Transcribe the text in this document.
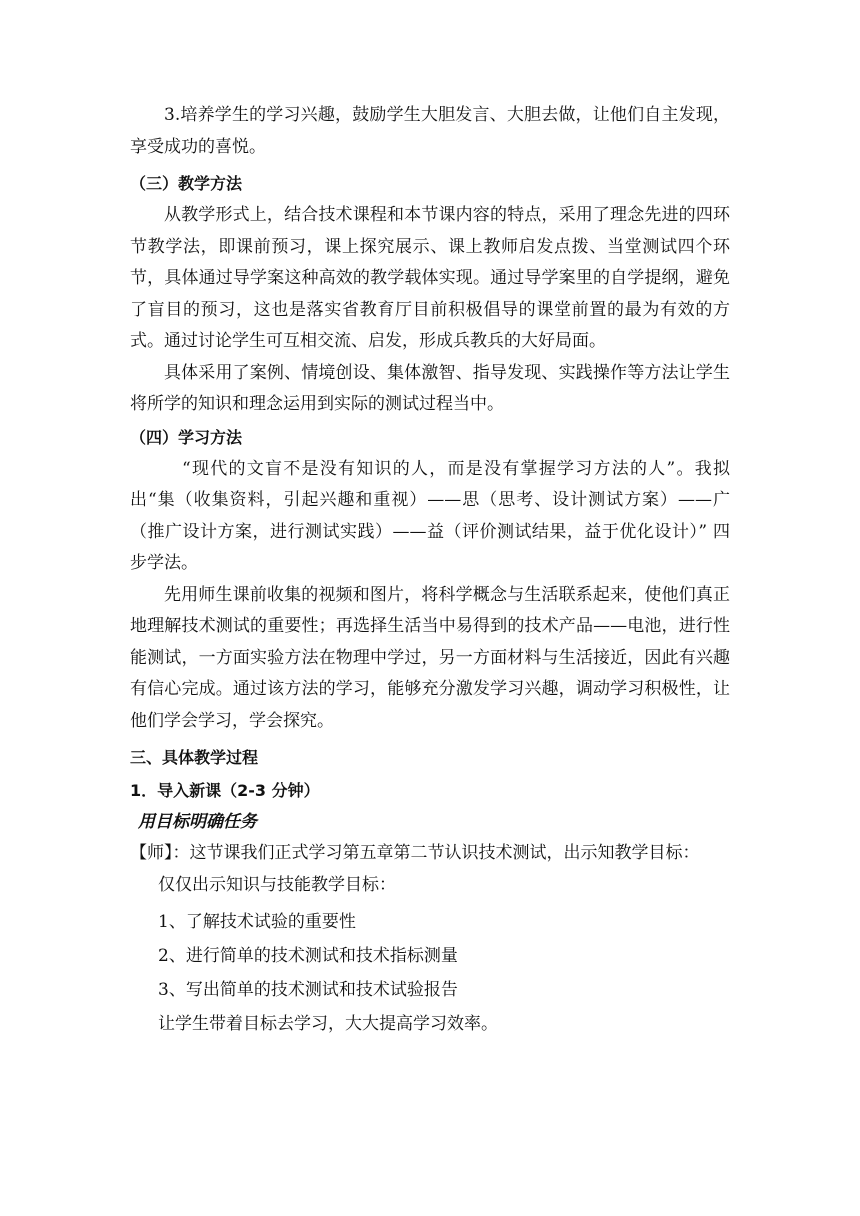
3.培养学生的学习兴趣，鼓励学生大胆发言、大胆去做，让他们自主发现，享受成功的喜悦。

（三）教学方法

从教学形式上，结合技术课程和本节课内容的特点，采用了理念先进的四环节教学法，即课前预习，课上探究展示、课上教师启发点拨、当堂测试四个环节，具体通过导学案这种高效的教学载体实现。通过导学案里的自学提纲，避免了盲目的预习，这也是落实省教育厅目前积极倡导的课堂前置的最为有效的方式。通过讨论学生可互相交流、启发，形成兵教兵的大好局面。

具体采用了案例、情境创设、集体激智、指导发现、实践操作等方法让学生将所学的知识和理念运用到实际的测试过程当中。

（四）学习方法

“现代的文盲不是没有知识的人，而是没有掌握学习方法的人”。我拟出“集（收集资料，引起兴趣和重视）——思（思考、设计测试方案）——广（推广设计方案，进行测试实践）——益（评价测试结果，益于优化设计）” 四步学法。

先用师生课前收集的视频和图片，将科学概念与生活联系起来，使他们真正地理解技术测试的重要性；再选择生活当中易得到的技术产品——电池，进行性能测试，一方面实验方法在物理中学过，另一方面材料与生活接近，因此有兴趣有信心完成。通过该方法的学习，能够充分激发学习兴趣，调动学习积极性，让他们学会学习，学会探究。

三、具体教学过程

1．导入新课（2-3 分钟）

用目标明确任务

【师】：这节课我们正式学习第五章第二节认识技术测试，出示知教学目标：

仅仅出示知识与技能教学目标：

1、了解技术试验的重要性

2、进行简单的技术测试和技术指标测量

3、写出简单的技术测试和技术试验报告

让学生带着目标去学习，大大提高学习效率。
